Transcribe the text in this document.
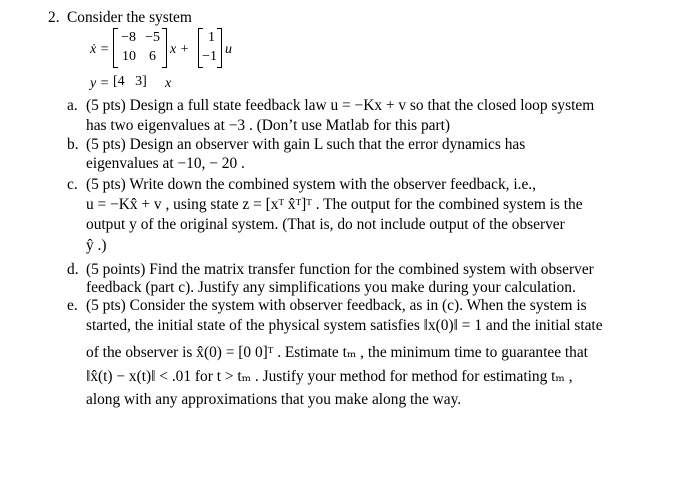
2. Consider the system
ẋ =
−8 −5
10 6 x +
1
−1 u
y = [4   3] x
a. (5 pts) Design a full state feedback law u = −Kx + v so that the closed loop system
has two eigenvalues at −3 . (Don’t use Matlab for this part)
b. (5 pts) Design an observer with gain L such that the error dynamics has
eigenvalues at −10, − 20 .
c. (5 pts) Write down the combined system with the observer feedback, i.e.,
u = −Kx̂ + v , using state z = [xᵀ x̂ᵀ]ᵀ . The output for the combined system is the
output y of the original system. (That is, do not include output of the observer
ŷ .)
d. (5 points) Find the matrix transfer function for the combined system with observer
feedback (part c). Justify any simplifications you make during your calculation.
e. (5 pts) Consider the system with observer feedback, as in (c). When the system is
started, the initial state of the physical system satisfies ‖x(0)‖ = 1 and the initial state
of the observer is x̂(0) = [0 0]ᵀ . Estimate tₘ , the minimum time to guarantee that
‖x̂(t) − x(t)‖ < .01 for t > tₘ . Justify your method for method for estimating tₘ ,
along with any approximations that you make along the way.
